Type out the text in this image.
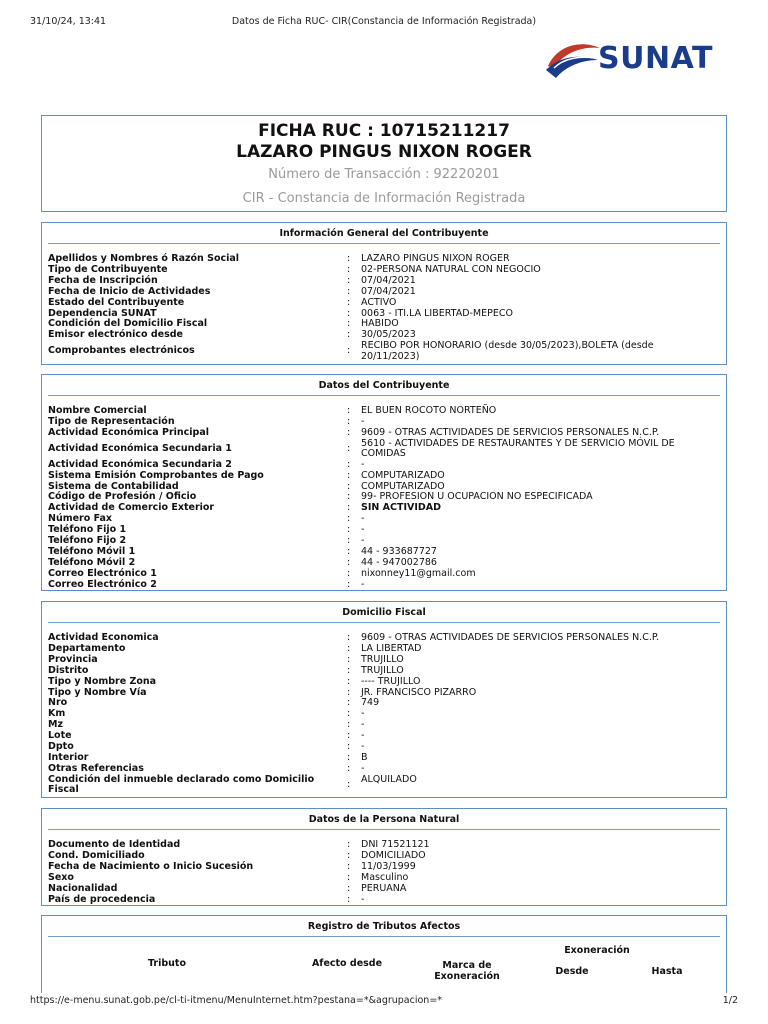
31/10/24, 13:41	Datos de Ficha RUC- CIR(Constancia de Información Registrada)
SUNAT
FICHA RUC : 10715211217
LAZARO PINGUS NIXON ROGER
Número de Transacción : 92220201
CIR - Constancia de Información Registrada
Información General del Contribuyente
Apellidos y Nombres ó Razón Social	: LAZARO PINGUS NIXON ROGER
Tipo de Contribuyente	: 02-PERSONA NATURAL CON NEGOCIO
Fecha de Inscripción	: 07/04/2021
Fecha de Inicio de Actividades	: 07/04/2021
Estado del Contribuyente	: ACTIVO
Dependencia SUNAT	: 0063 - ITI.LA LIBERTAD-MEPECO
Condición del Domicilio Fiscal	: HABIDO
Emisor electrónico desde	: 30/05/2023
Comprobantes electrónicos	: RECIBO POR HONORARIO (desde 30/05/2023),BOLETA (desde 20/11/2023)
Datos del Contribuyente
Nombre Comercial	: EL BUEN ROCOTO NORTEÑO
Tipo de Representación	: -
Actividad Económica Principal	: 9609 - OTRAS ACTIVIDADES DE SERVICIOS PERSONALES N.C.P.
Actividad Económica Secundaria 1	: 5610 - ACTIVIDADES DE RESTAURANTES Y DE SERVICIO MÓVIL DE COMIDAS
Actividad Económica Secundaria 2	: -
Sistema Emisión Comprobantes de Pago	: COMPUTARIZADO
Sistema de Contabilidad	: COMPUTARIZADO
Código de Profesión / Oficio	: 99- PROFESION U OCUPACION NO ESPECIFICADA
Actividad de Comercio Exterior	: SIN ACTIVIDAD
Número Fax	: -
Teléfono Fijo 1	: -
Teléfono Fijo 2	: -
Teléfono Móvil 1	: 44 - 933687727
Teléfono Móvil 2	: 44 - 947002786
Correo Electrónico 1	: nixonney11@gmail.com
Correo Electrónico 2	: -
Domicilio Fiscal
Actividad Economica	: 9609 - OTRAS ACTIVIDADES DE SERVICIOS PERSONALES N.C.P.
Departamento	: LA LIBERTAD
Provincia	: TRUJILLO
Distrito	: TRUJILLO
Tipo y Nombre Zona	: ---- TRUJILLO
Tipo y Nombre Vía	: JR. FRANCISCO PIZARRO
Nro	: 749
Km	: -
Mz	: -
Lote	: -
Dpto	: -
Interior	: B
Otras Referencias	: -
Condición del inmueble declarado como Domicilio Fiscal	: ALQUILADO
Datos de la Persona Natural
Documento de Identidad	: DNI 71521121
Cond. Domiciliado	: DOMICILIADO
Fecha de Nacimiento o Inicio Sucesión	: 11/03/1999
Sexo	: Masculino
Nacionalidad	: PERUANA
País de procedencia	: -
Registro de Tributos Afectos
Tributo	Afecto desde	Marca de Exoneración
Exoneración
Desde	Hasta
https://e-menu.sunat.gob.pe/cl-ti-itmenu/MenuInternet.htm?pestana=*&agrupacion=*	1/2
